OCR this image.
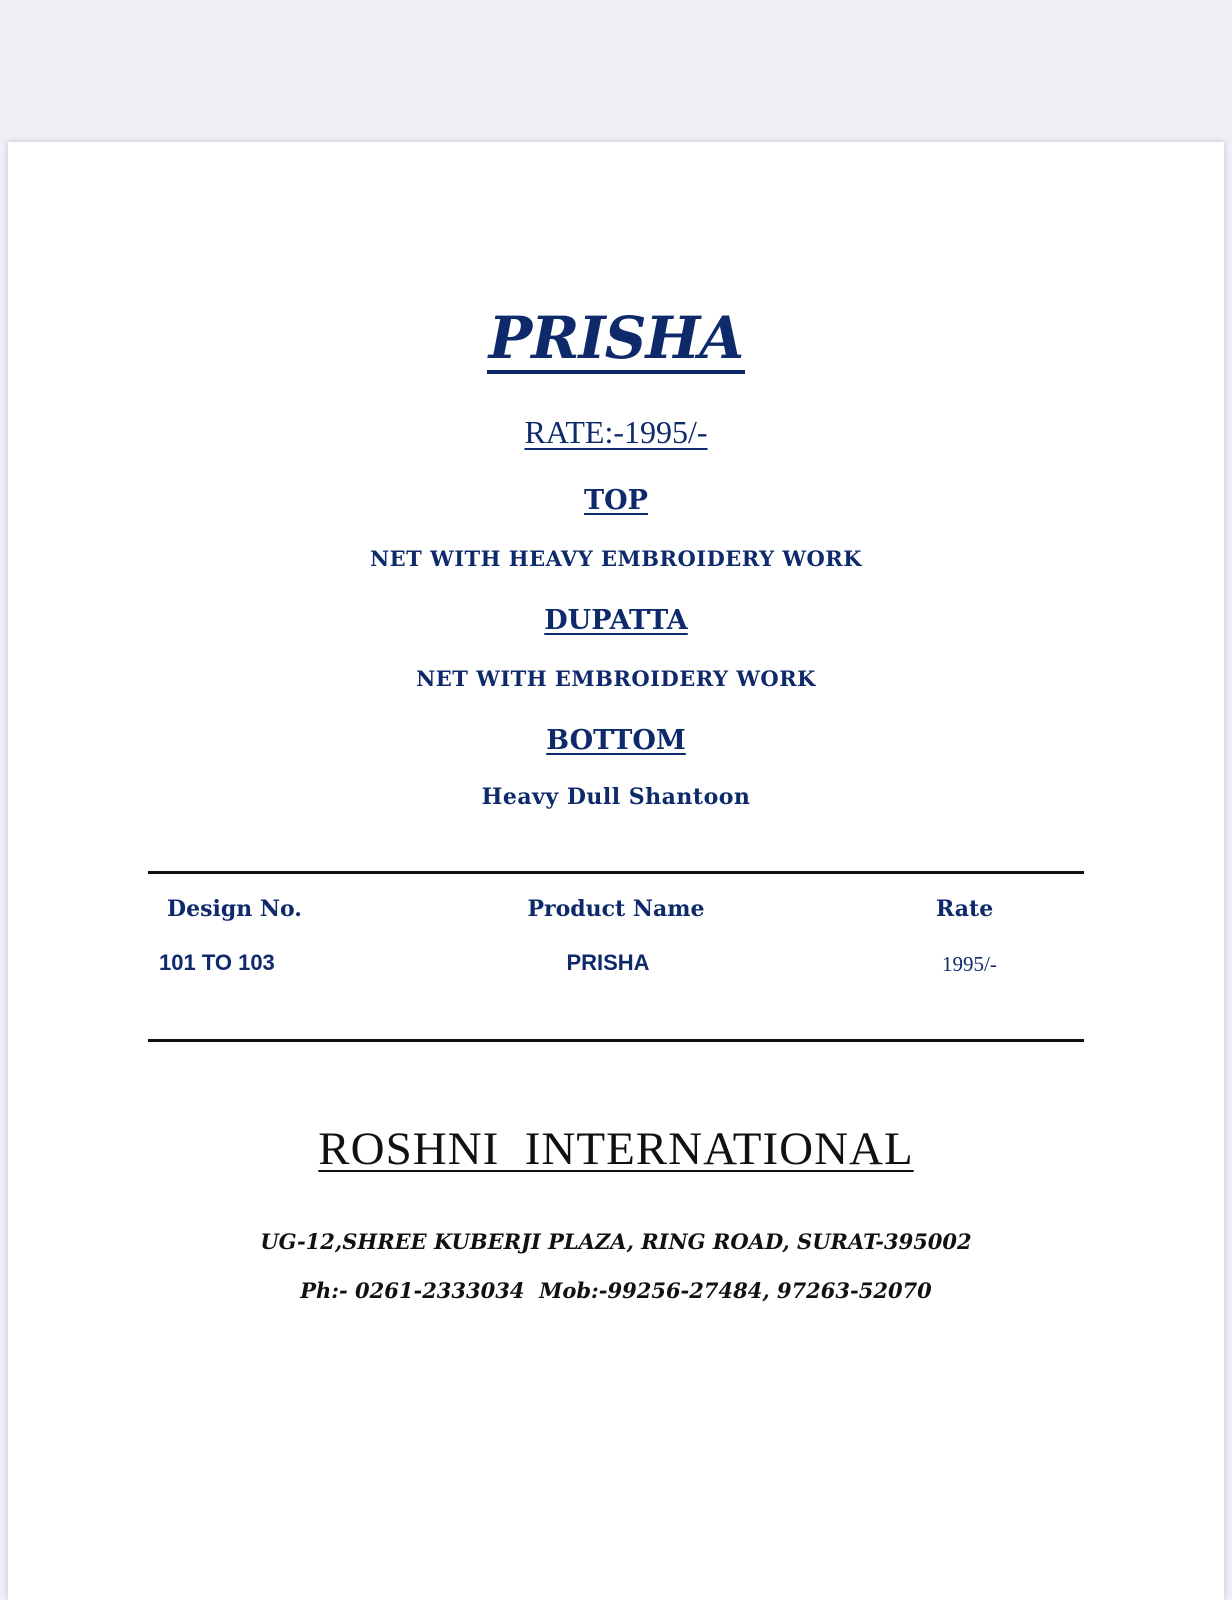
PRISHA
RATE:-1995/-
TOP
NET WITH HEAVY EMBROIDERY WORK
DUPATTA
NET WITH EMBROIDERY WORK
BOTTOM
Heavy Dull Shantoon
Design No.	Product Name	Rate
101 TO 103	PRISHA	1995/-
ROSHNI  INTERNATIONAL
UG-12,SHREE KUBERJI PLAZA, RING ROAD, SURAT-395002
Ph:- 0261-2333034  Mob:-99256-27484, 97263-52070
